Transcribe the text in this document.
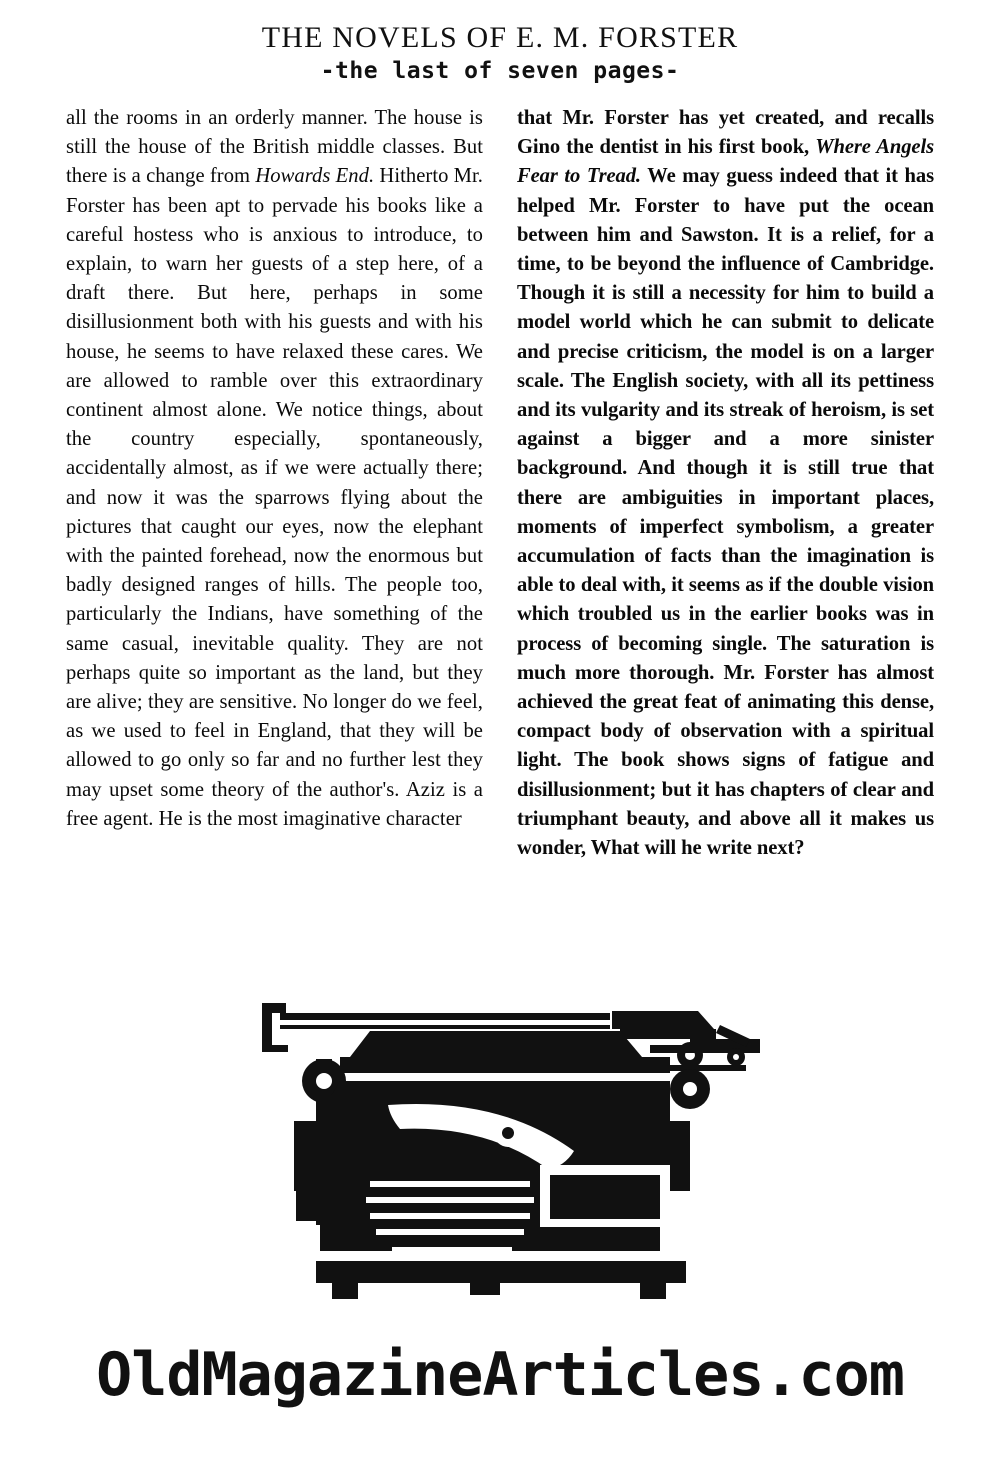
THE NOVELS OF E. M. FORSTER
-the last of seven pages-

all the rooms in an orderly manner. The house is still the house of the British middle classes. But there is a change from Howards End. Hitherto Mr. Forster has been apt to pervade his books like a careful hostess who is anxious to introduce, to explain, to warn her guests of a step here, of a draft there. But here, perhaps in some disillusionment both with his guests and with his house, he seems to have relaxed these cares. We are allowed to ramble over this extraordinary continent almost alone. We notice things, about the country especially, spontaneously, accidentally almost, as if we were actually there; and now it was the sparrows flying about the pictures that caught our eyes, now the elephant with the painted forehead, now the enormous but badly designed ranges of hills. The people too, particularly the Indians, have something of the same casual, inevitable quality. They are not perhaps quite so important as the land, but they are alive; they are sensitive. No longer do we feel, as we used to feel in England, that they will be allowed to go only so far and no further lest they may upset some theory of the author's. Aziz is a free agent. He is the most imaginative character

that Mr. Forster has yet created, and recalls Gino the dentist in his first book, Where Angels Fear to Tread. We may guess indeed that it has helped Mr. Forster to have put the ocean between him and Sawston. It is a relief, for a time, to be beyond the influence of Cambridge. Though it is still a necessity for him to build a model world which he can submit to delicate and precise criticism, the model is on a larger scale. The English society, with all its pettiness and its vulgarity and its streak of heroism, is set against a bigger and a more sinister background. And though it is still true that there are ambiguities in important places, moments of imperfect symbolism, a greater accumulation of facts than the imagination is able to deal with, it seems as if the double vision which troubled us in the earlier books was in process of becoming single. The saturation is much more thorough. Mr. Forster has almost achieved the great feat of animating this dense, compact body of observation with a spiritual light. The book shows signs of fatigue and disillusionment; but it has chapters of clear and triumphant beauty, and above all it makes us wonder, What will he write next?

OldMagazineArticles.com
